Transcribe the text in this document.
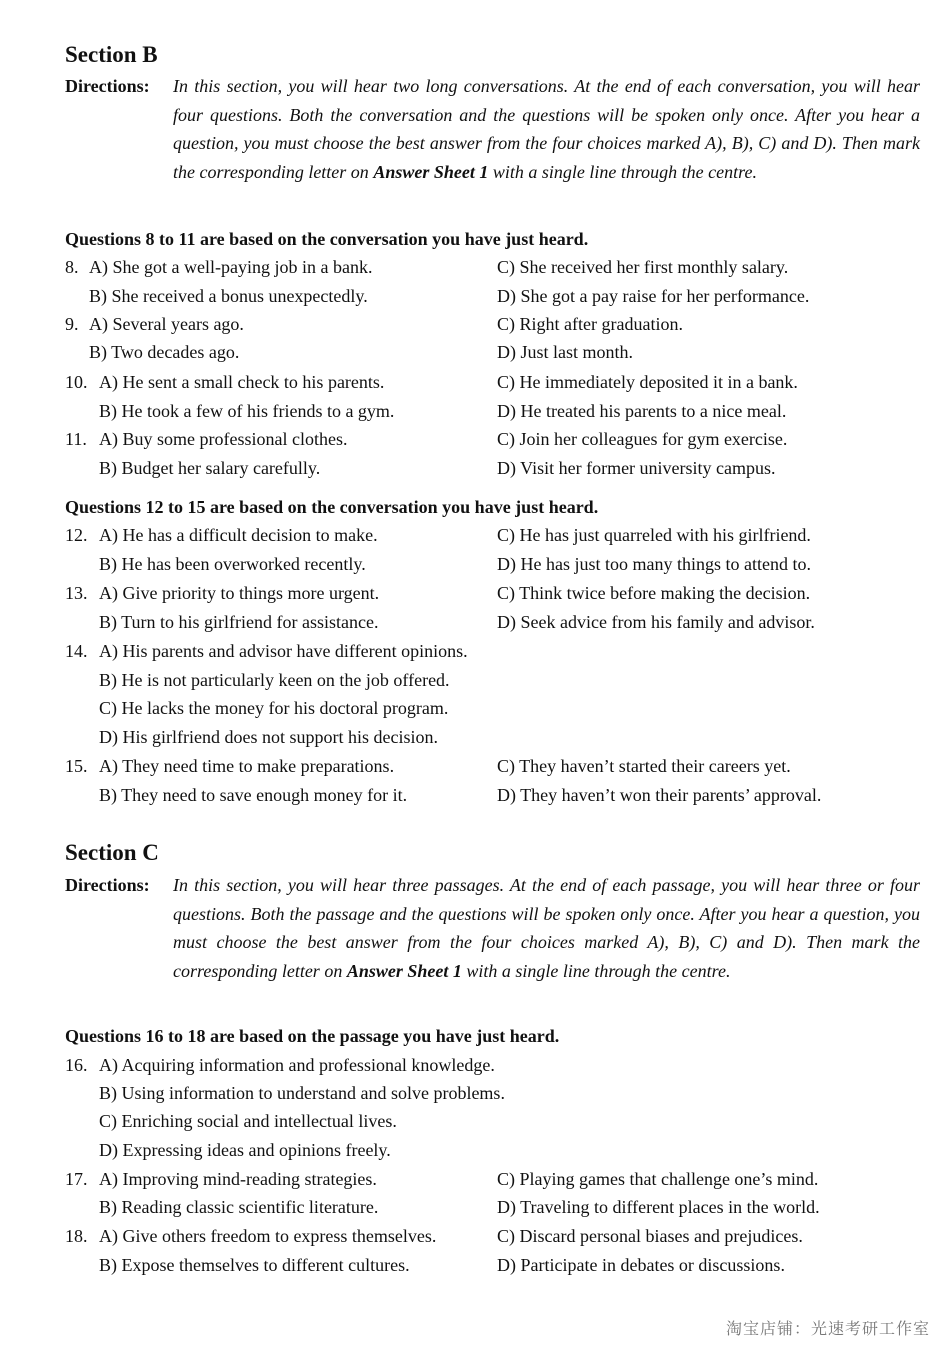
Section B
Directions: In this section, you will hear two long conversations. At the end of each conversation, you will hear four questions. Both the conversation and the questions will be spoken only once. After you hear a question, you must choose the best answer from the four choices marked A), B), C) and D). Then mark the corresponding letter on Answer Sheet 1 with a single line through the centre.
Questions 8 to 11 are based on the conversation you have just heard.
8. A) She got a well-paying job in a bank.	C) She received her first monthly salary.
B) She received a bonus unexpectedly.	D) She got a pay raise for her performance.
9. A) Several years ago.	C) Right after graduation.
B) Two decades ago.	D) Just last month.
10. A) He sent a small check to his parents.	C) He immediately deposited it in a bank.
B) He took a few of his friends to a gym.	D) He treated his parents to a nice meal.
11. A) Buy some professional clothes.	C) Join her colleagues for gym exercise.
B) Budget her salary carefully.	D) Visit her former university campus.
Questions 12 to 15 are based on the conversation you have just heard.
12. A) He has a difficult decision to make.	C) He has just quarreled with his girlfriend.
B) He has been overworked recently.	D) He has just too many things to attend to.
13. A) Give priority to things more urgent.	C) Think twice before making the decision.
B) Turn to his girlfriend for assistance.	D) Seek advice from his family and advisor.
14. A) His parents and advisor have different opinions.
B) He is not particularly keen on the job offered.
C) He lacks the money for his doctoral program.
D) His girlfriend does not support his decision.
15. A) They need time to make preparations.	C) They haven’t started their careers yet.
B) They need to save enough money for it.	D) They haven’t won their parents’ approval.
Section C
Directions: In this section, you will hear three passages. At the end of each passage, you will hear three or four questions. Both the passage and the questions will be spoken only once. After you hear a question, you must choose the best answer from the four choices marked A), B), C) and D). Then mark the corresponding letter on Answer Sheet 1 with a single line through the centre.
Questions 16 to 18 are based on the passage you have just heard.
16. A) Acquiring information and professional knowledge.
B) Using information to understand and solve problems.
C) Enriching social and intellectual lives.
D) Expressing ideas and opinions freely.
17. A) Improving mind-reading strategies.	C) Playing games that challenge one’s mind.
B) Reading classic scientific literature.	D) Traveling to different places in the world.
18. A) Give others freedom to express themselves.	C) Discard personal biases and prejudices.
B) Expose themselves to different cultures.	D) Participate in debates or discussions.
淘宝店铺：光速考研工作室
